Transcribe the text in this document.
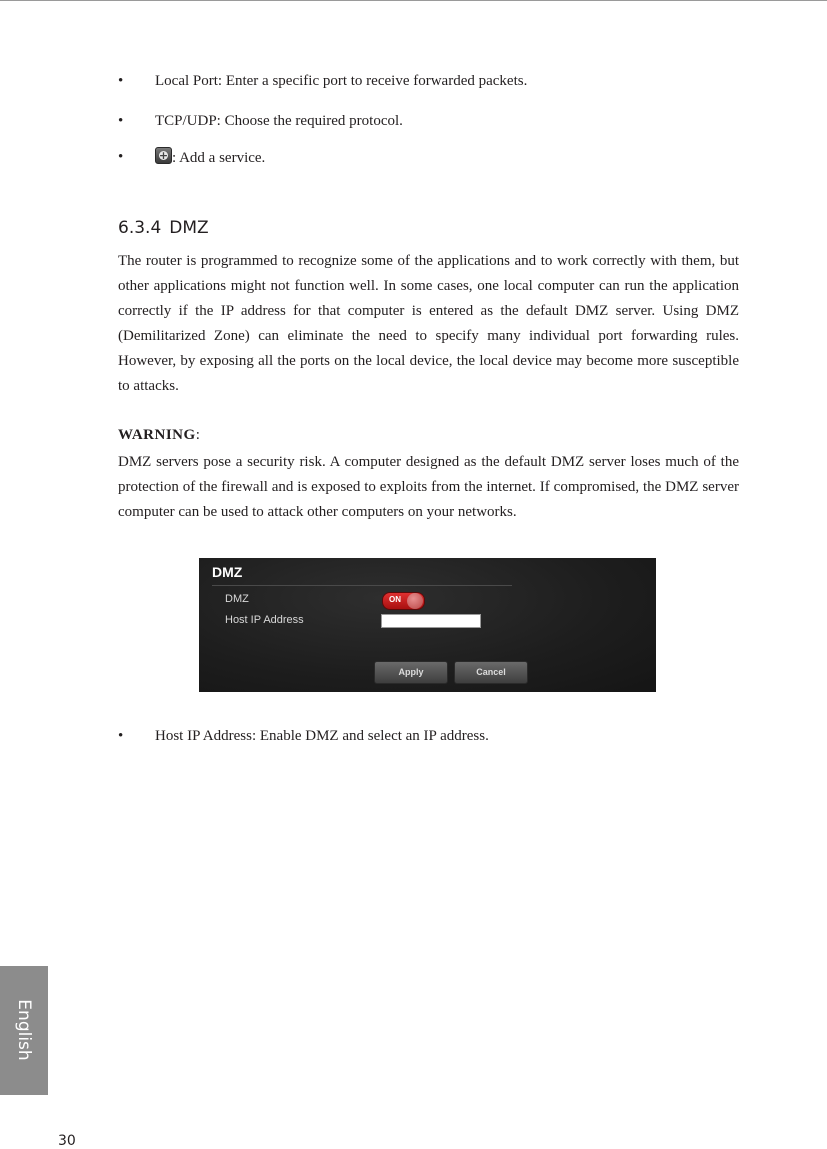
• Local Port: Enter a specific port to receive forwarded packets.
• TCP/UDP: Choose the required protocol.
•
+	: Add a service.
6.3.4 DMZ

The router is programmed to recognize some of the applications and to work correctly with them, but other applications might not function well. In some cases, one local computer can run the application correctly if the IP address for that computer is entered as the default DMZ server. Using DMZ (Demilitarized Zone) can eliminate the need to specify many individual port forwarding rules. However, by exposing all the ports on the local device, the local device may become more susceptible to attacks.

WARNING:

DMZ servers pose a security risk. A computer designed as the default DMZ server loses much of the protection of the firewall and is exposed to exploits from the internet. If compromised, the DMZ server computer can be used to attack other computers on your networks.

DMZ
DMZ	ON
Host IP Address
Apply	Cancel
• Host IP Address: Enable DMZ and select an IP address.
English
30
